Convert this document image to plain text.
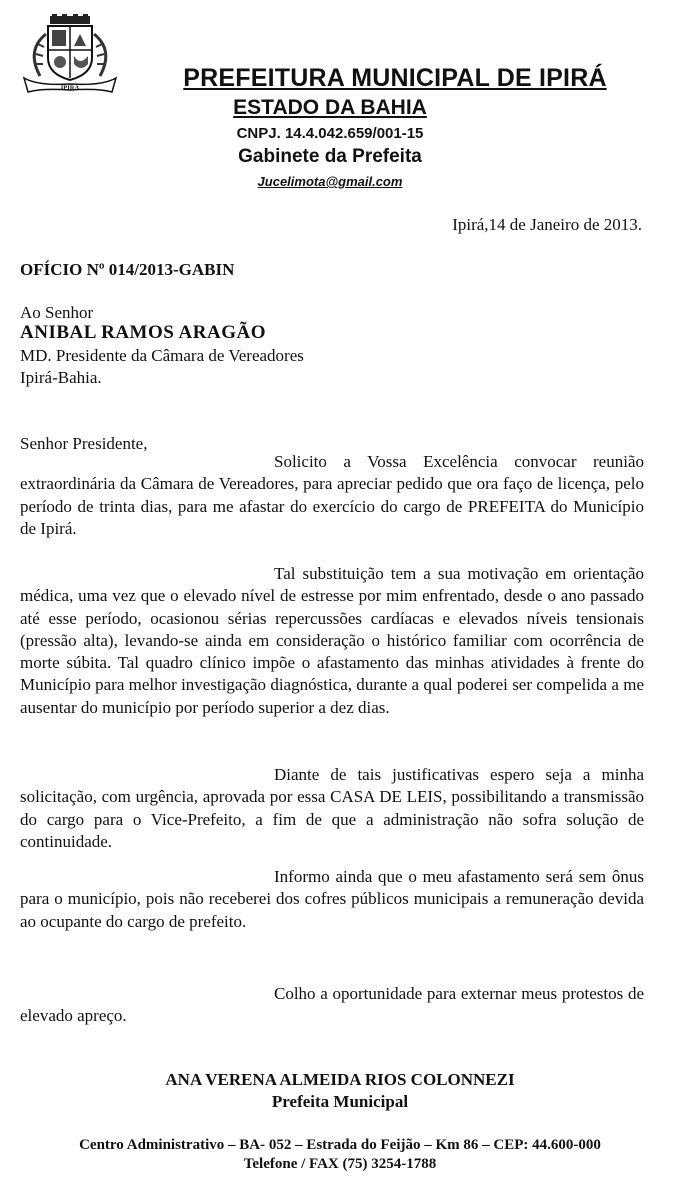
IPIRÁ	PREFEITURA MUNICIPAL DE IPIRÁ
ESTADO DA BAHIA
CNPJ. 14.4.042.659/001-15
Gabinete da Prefeita
Jucelimota@gmail.com
Ipirá,14 de Janeiro de 2013.
OFÍCIO Nº 014/2013-GABIN
Ao Senhor
ANIBAL RAMOS ARAGÃO
MD. Presidente da Câmara de Vereadores
Ipirá-Bahia.
Senhor Presidente,

Solicito a Vossa Excelência convocar reunião extraordinária da Câmara de Vereadores, para apreciar pedido que ora faço de licença, pelo período de trinta dias, para me afastar do exercício do cargo de PREFEITA do Município de Ipirá.

Tal substituição tem a sua motivação em orientação médica, uma vez que o elevado nível de estresse por mim enfrentado, desde o ano passado até esse período, ocasionou sérias repercussões cardíacas e elevados níveis tensionais (pressão alta), levando-se ainda em consideração o histórico familiar com ocorrência de morte súbita. Tal quadro clínico impõe o afastamento das minhas atividades à frente do Município para melhor investigação diagnóstica, durante a qual poderei ser compelida a me ausentar do município por período superior a dez dias.

Diante de tais justificativas espero seja a minha solicitação, com urgência, aprovada por essa CASA DE LEIS, possibilitando a transmissão do cargo para o Vice-Prefeito, a fim de que a administração não sofra solução de continuidade.

Informo ainda que o meu afastamento será sem ônus para o município, pois não receberei dos cofres públicos municipais a remuneração devida ao ocupante do cargo de prefeito.

Colho a oportunidade para externar meus protestos de elevado apreço.

ANA VERENA ALMEIDA RIOS COLONNEZI
Prefeita Municipal
Centro Administrativo – BA- 052 – Estrada do Feijão – Km 86 – CEP: 44.600-000
Telefone / FAX (75) 3254-1788
